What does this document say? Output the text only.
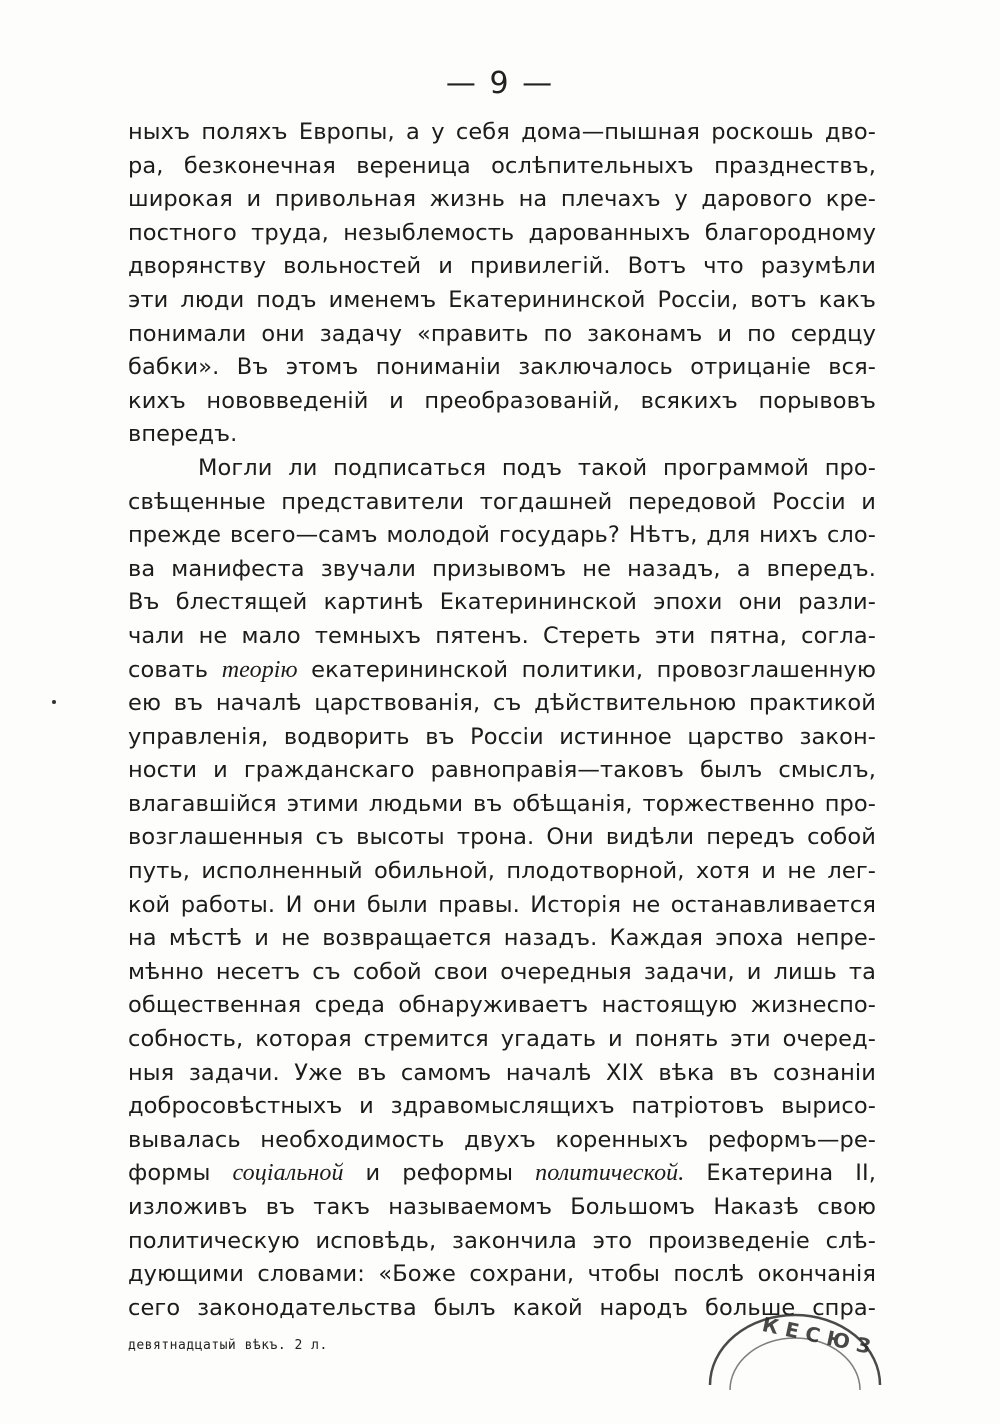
— 9 —
ныхъ поляхъ Европы, а у себя дома—пышная роскошь дво-
ра, безконечная вереница ослѣпительныхъ празднествъ,
широкая и привольная жизнь на плечахъ у дарового кре-
постного труда, незыблемость дарованныхъ благородному
дворянству вольностей и привилегій. Вотъ что разумѣли
эти люди подъ именемъ Екатерининской Россіи, вотъ какъ
понимали они задачу «править по законамъ и по сердцу
бабки». Въ этомъ пониманіи заключалось отрицаніе вся-
кихъ нововведеній и преобразованій, всякихъ порывовъ
впередъ.
Могли ли подписаться подъ такой программой про-
свѣщенные представители тогдашней передовой Россіи и
прежде всего—самъ молодой государь? Нѣтъ, для нихъ сло-
ва манифеста звучали призывомъ не назадъ, а впередъ.
Въ блестящей картинѣ Екатерининской эпохи они разли-
чали не мало темныхъ пятенъ. Стереть эти пятна, согла-
совать теорію екатерининской политики, провозглашенную
ею въ началѣ царствованія, съ дѣйствительною практикой
управленія, водворить въ Россіи истинное царство закон-
ности и гражданскаго равноправія—таковъ былъ смыслъ,
влагавшійся этими людьми въ обѣщанія, торжественно про-
возглашенныя съ высоты трона. Они видѣли передъ собой
путь, исполненный обильной, плодотворной, хотя и не лег-
кой работы. И они были правы. Исторія не останавливается
на мѣстѣ и не возвращается назадъ. Каждая эпоха непре-
мѣнно несетъ съ собой свои очередныя задачи, и лишь та
общественная среда обнаруживаетъ настоящую жизнеспо-
собность, которая стремится угадать и понять эти очеред-
ныя задачи. Уже въ самомъ началѣ XIX вѣка въ сознаніи
добросовѣстныхъ и здравомыслящихъ патріотовъ вырисо-
вывалась необходимость двухъ коренныхъ реформъ—ре-
формы соціальной и реформы политической. Екатерина II,
изложивъ въ такъ называемомъ Большомъ Наказѣ свою
политическую исповѣдь, закончила это произведеніе слѣ-
дующими словами: «Боже сохрани, чтобы послѣ окончанія
сего законодательства былъ какой народъ больше спра-
девятнадцатый вѣкъ. 2 л.	К Е С Ю З
